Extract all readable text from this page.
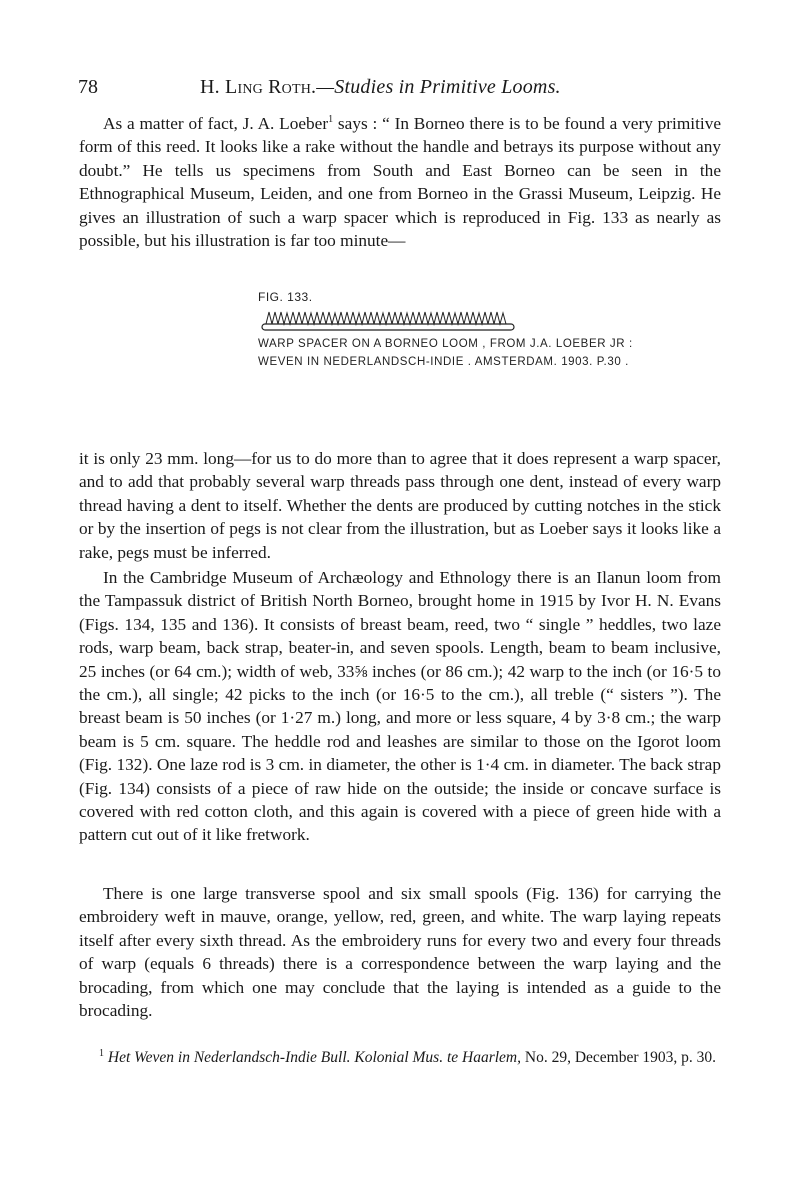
78	H. Ling Roth.—Studies in Primitive Looms.

As a matter of fact, J. A. Loeber$^1$ says : “ In Borneo there is to be found a very primitive form of this reed. It looks like a rake without the handle and betrays its purpose without any doubt.” He tells us specimens from South and East Borneo can be seen in the Ethnographical Museum, Leiden, and one from Borneo in the Grassi Museum, Leipzig. He gives an illustration of such a warp spacer which is reproduced in Fig. 133 as nearly as possible, but his illustration is far too minute—

FIG. 133.
WARP SPACER ON A BORNEO LOOM , FROM J.A. LOEBER JR :
WEVEN IN NEDERLANDSCH-INDIE . AMSTERDAM. 1903. P.30 .

it is only 23 mm. long—for us to do more than to agree that it does represent a warp spacer, and to add that probably several warp threads pass through one dent, instead of every warp thread having a dent to itself. Whether the dents are produced by cutting notches in the stick or by the insertion of pegs is not clear from the illustration, but as Loeber says it looks like a rake, pegs must be inferred.

In the Cambridge Museum of Archæology and Ethnology there is an Ilanun loom from the Tampassuk district of British North Borneo, brought home in 1915 by Ivor H. N. Evans (Figs. 134, 135 and 136). It consists of breast beam, reed, two “ single ” heddles, two laze rods, warp beam, back strap, beater-in, and seven spools. Length, beam to beam inclusive, 25 inches (or 64 cm.); width of web, 33⅝ inches (or 86 cm.); 42 warp to the inch (or 16·5 to the cm.), all single; 42 picks to the inch (or 16·5 to the cm.), all treble (“ sisters ”). The breast beam is 50 inches (or 1·27 m.) long, and more or less square, 4 by 3·8 cm.; the warp beam is 5 cm. square. The heddle rod and leashes are similar to those on the Igorot loom (Fig. 132). One laze rod is 3 cm. in diameter, the other is 1·4 cm. in diameter. The back strap (Fig. 134) consists of a piece of raw hide on the outside; the inside or concave surface is covered with red cotton cloth, and this again is covered with a piece of green hide with a pattern cut out of it like fretwork.

There is one large transverse spool and six small spools (Fig. 136) for carrying the embroidery weft in mauve, orange, yellow, red, green, and white. The warp laying repeats itself after every sixth thread. As the embroidery runs for every two and every four threads of warp (equals 6 threads) there is a correspondence between the warp laying and the brocading, from which one may conclude that the laying is intended as a guide to the brocading.

$^1$ Het Weven in Nederlandsch-Indie Bull. Kolonial Mus. te Haarlem, No. 29, December 1903, p. 30.
